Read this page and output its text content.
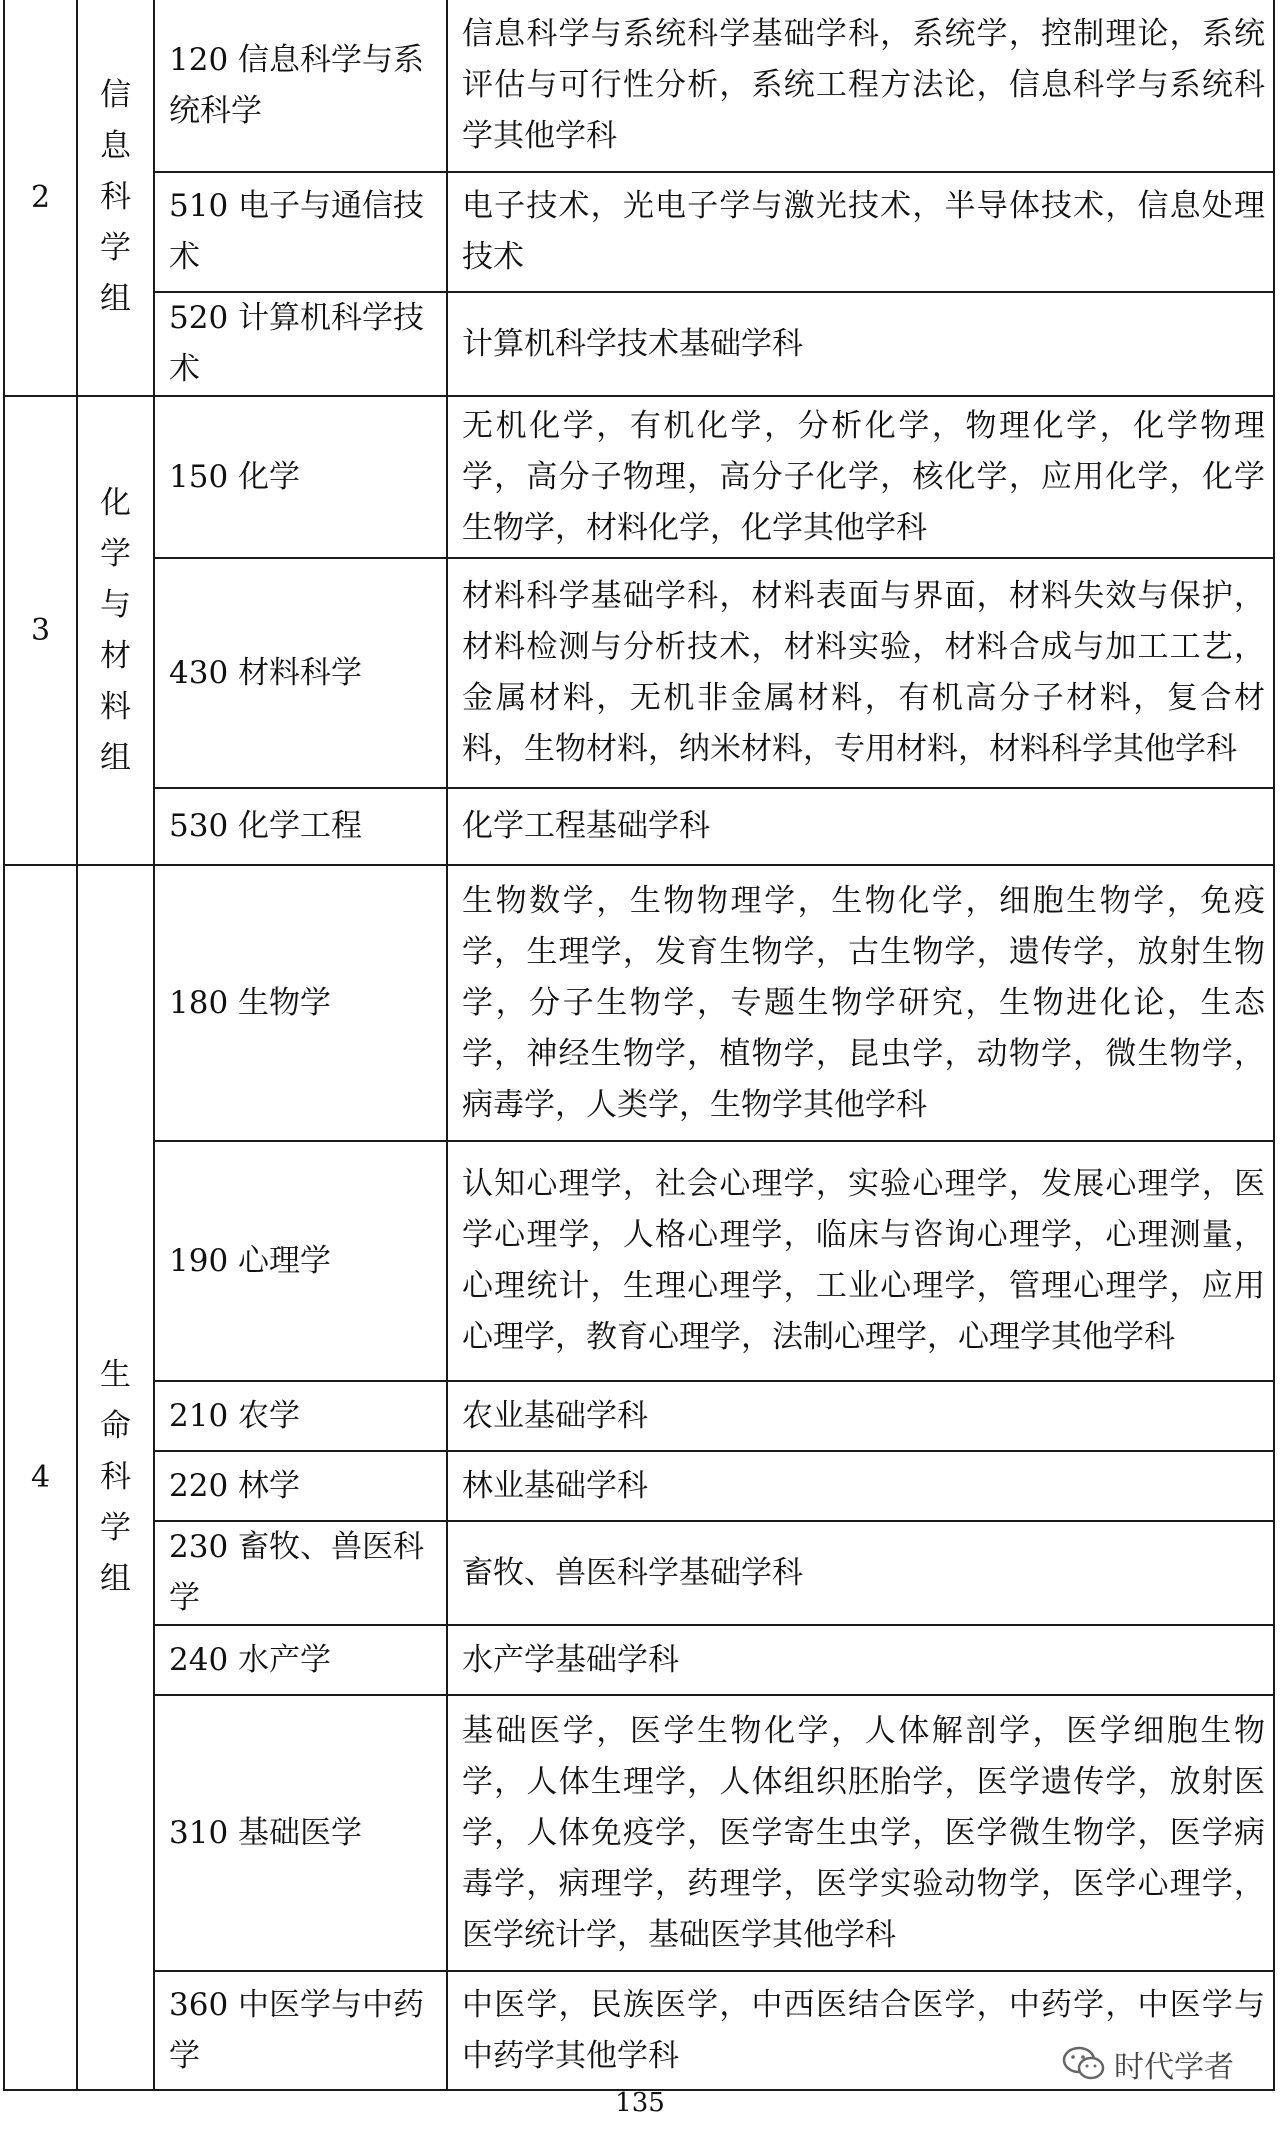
2	信息科学组	120 信息科学与系统科学	信息科学与系统科学基础学科，系统学，控制理论，系统评估与可行性分析，系统工程方法论，信息科学与系统科学其他学科
		510 电子与通信技术	电子技术，光电子学与激光技术，半导体技术，信息处理技术
		520 计算机科学技术	计算机科学技术基础学科
3	化学与材料组	150 化学	无机化学，有机化学，分析化学，物理化学，化学物理学，高分子物理，高分子化学，核化学，应用化学，化学生物学，材料化学，化学其他学科
		430 材料科学	材料科学基础学科，材料表面与界面，材料失效与保护，材料检测与分析技术，材料实验，材料合成与加工工艺，金属材料，无机非金属材料，有机高分子材料，复合材料，生物材料，纳米材料，专用材料，材料科学其他学科
		530 化学工程	化学工程基础学科
4	生命科学组	180 生物学	生物数学，生物物理学，生物化学，细胞生物学，免疫学，生理学，发育生物学，古生物学，遗传学，放射生物学，分子生物学，专题生物学研究，生物进化论，生态学，神经生物学，植物学，昆虫学，动物学，微生物学，病毒学，人类学，生物学其他学科
		190 心理学	认知心理学，社会心理学，实验心理学，发展心理学，医学心理学，人格心理学，临床与咨询心理学，心理测量，心理统计，生理心理学，工业心理学，管理心理学，应用心理学，教育心理学，法制心理学，心理学其他学科
		210 农学	农业基础学科
		220 林学	林业基础学科
		230 畜牧、兽医科学	畜牧、兽医科学基础学科
		240 水产学	水产学基础学科
		310 基础医学	基础医学，医学生物化学，人体解剖学，医学细胞生物学，人体生理学，人体组织胚胎学，医学遗传学，放射医学，人体免疫学，医学寄生虫学，医学微生物学，医学病毒学，病理学，药理学，医学实验动物学，医学心理学，医学统计学，基础医学其他学科
		360 中医学与中药学	中医学，民族医学，中西医结合医学，中药学，中医学与中药学其他学科	时代学者
135
